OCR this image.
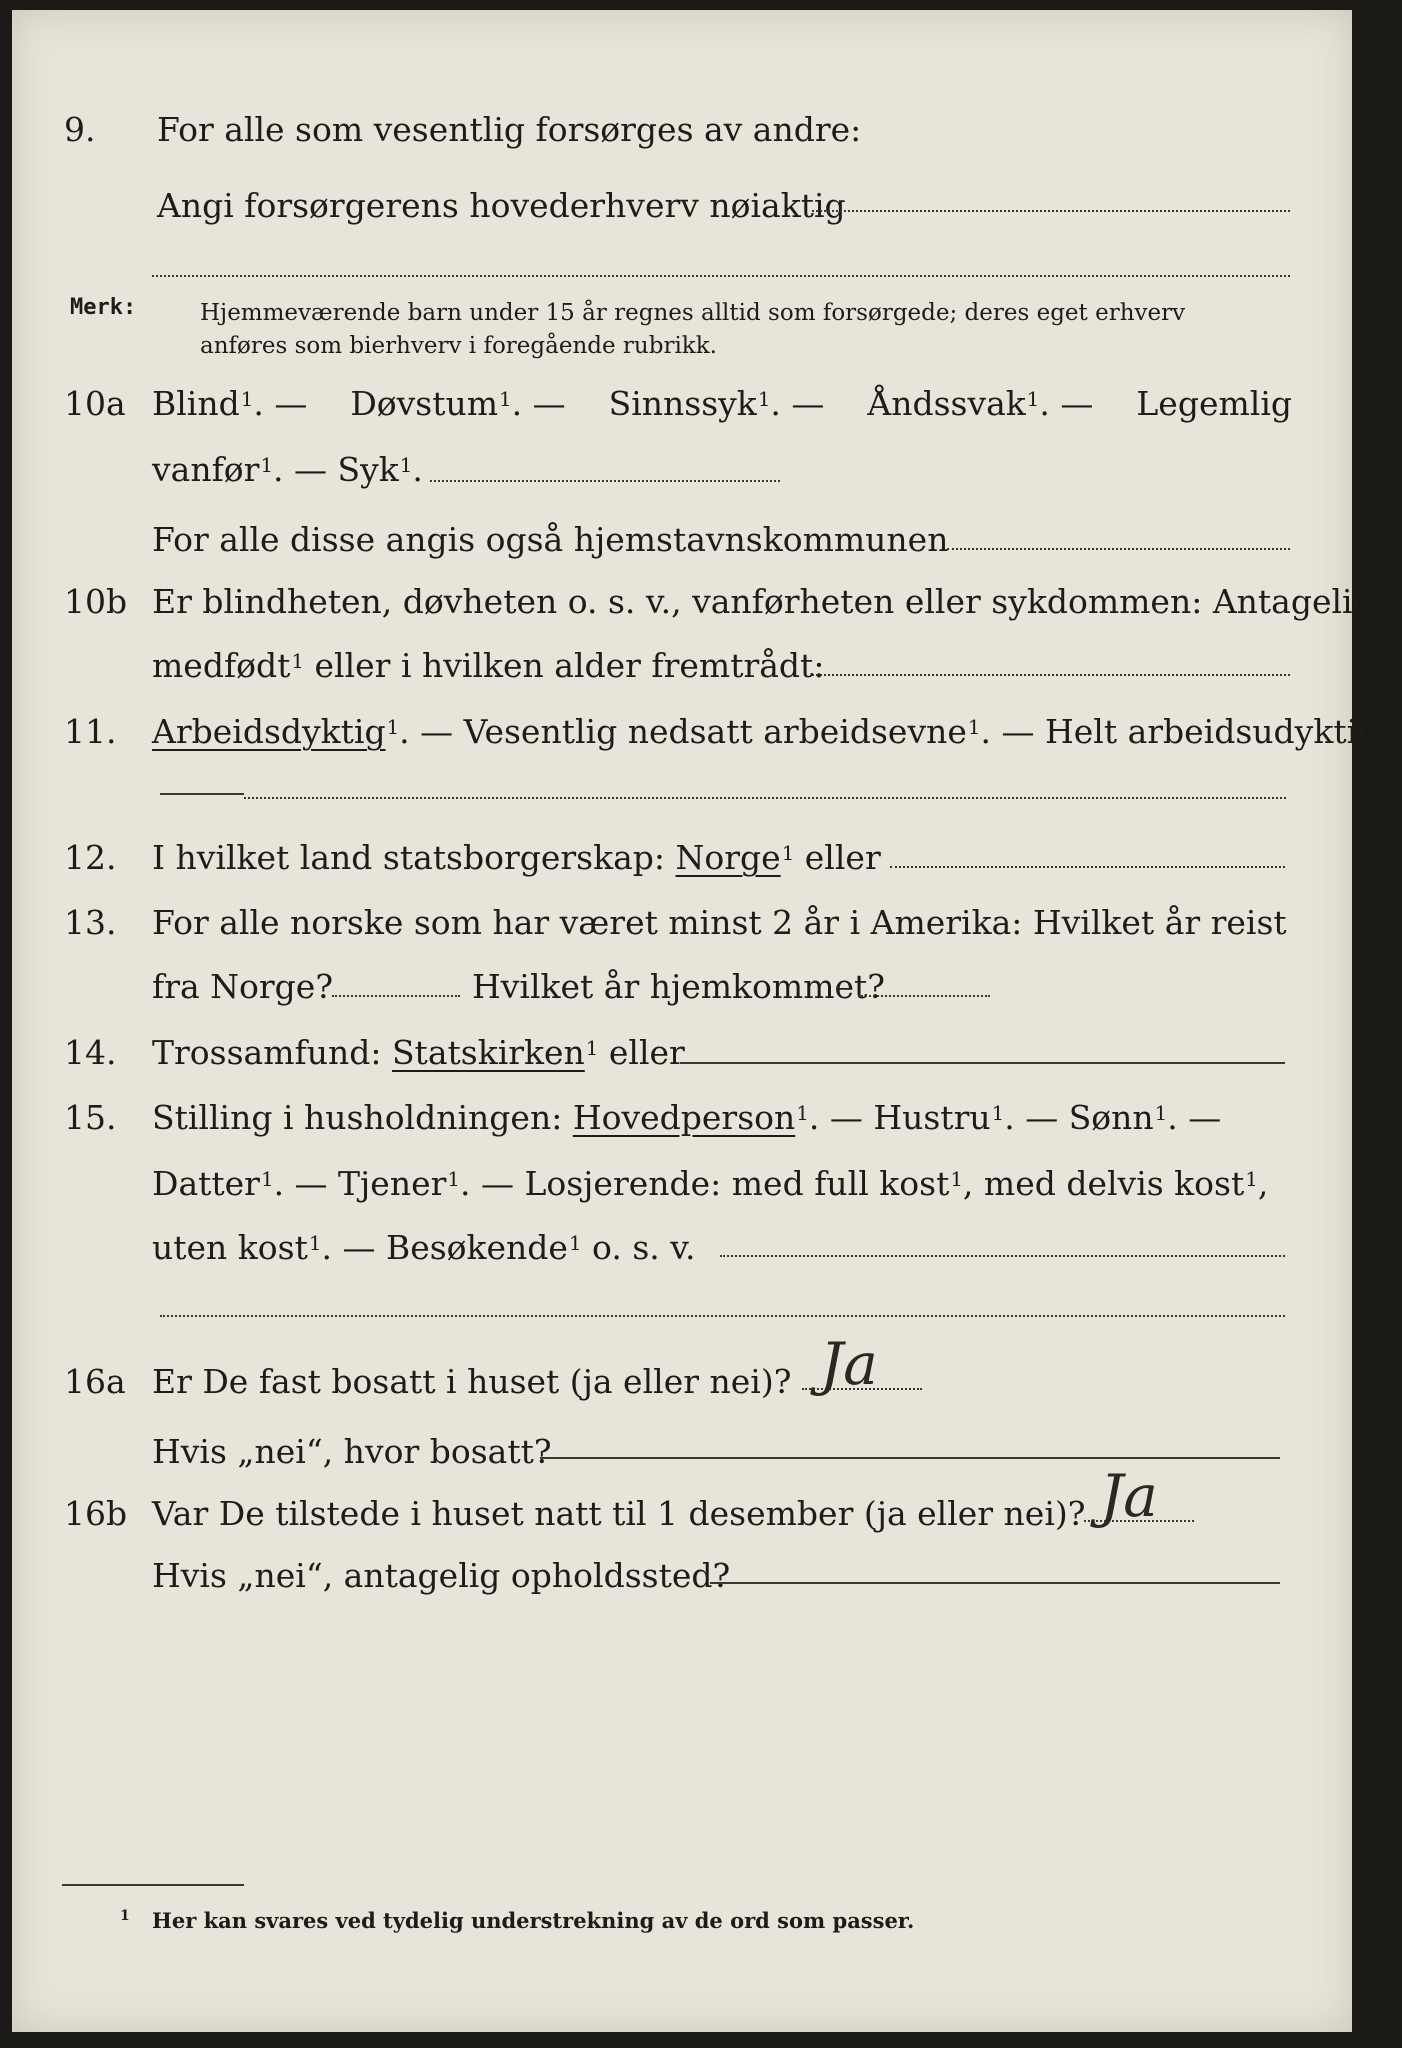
9. For alle som vesentlig forsørges av andre:
Angi forsørgerens hovederhverv nøiaktig
Merk:	Hjemmeværende barn under 15 år regnes alltid som forsørgede; deres eget erhverv
anføres som bierhverv i foregående rubrikk.
10a Blind$^1$. — Døvstum$^1$. — Sinnssyk$^1$. — Åndssvak$^1$. — Legemlig
vanfør$^1$. — Syk$^1$.
For alle disse angis også hjemstavnskommunen
10b Er blindheten, døvheten o. s. v., vanførheten eller sykdommen: Antagelig
medfødt$^1$ eller i hvilken alder fremtrådt:
11. Arbeidsdyktig$^1$. — Vesentlig nedsatt arbeidsevne$^1$. — Helt arbeidsudyktig$^1$.
12. I hvilket land statsborgerskap: Norge$^1$ eller
13. For alle norske som har været minst 2 år i Amerika: Hvilket år reist
fra Norge?	Hvilket år hjemkommet?
14. Trossamfund: Statskirken$^1$ eller
15. Stilling i husholdningen: Hovedperson$^1$. — Hustru$^1$. — Sønn$^1$. —
Datter$^1$. — Tjener$^1$. — Losjerende: med full kost$^1$, med delvis kost$^1$,
uten kost$^1$. — Besøkende$^1$ o. s. v.
16a Er De fast bosatt i huset (ja eller nei)? Ja
Hvis „nei“, hvor bosatt?
16b Var De tilstede i huset natt til 1 desember (ja eller nei)? Ja
Hvis „nei“, antagelig opholdssted?
1 Her kan svares ved tydelig understrekning av de ord som passer.
